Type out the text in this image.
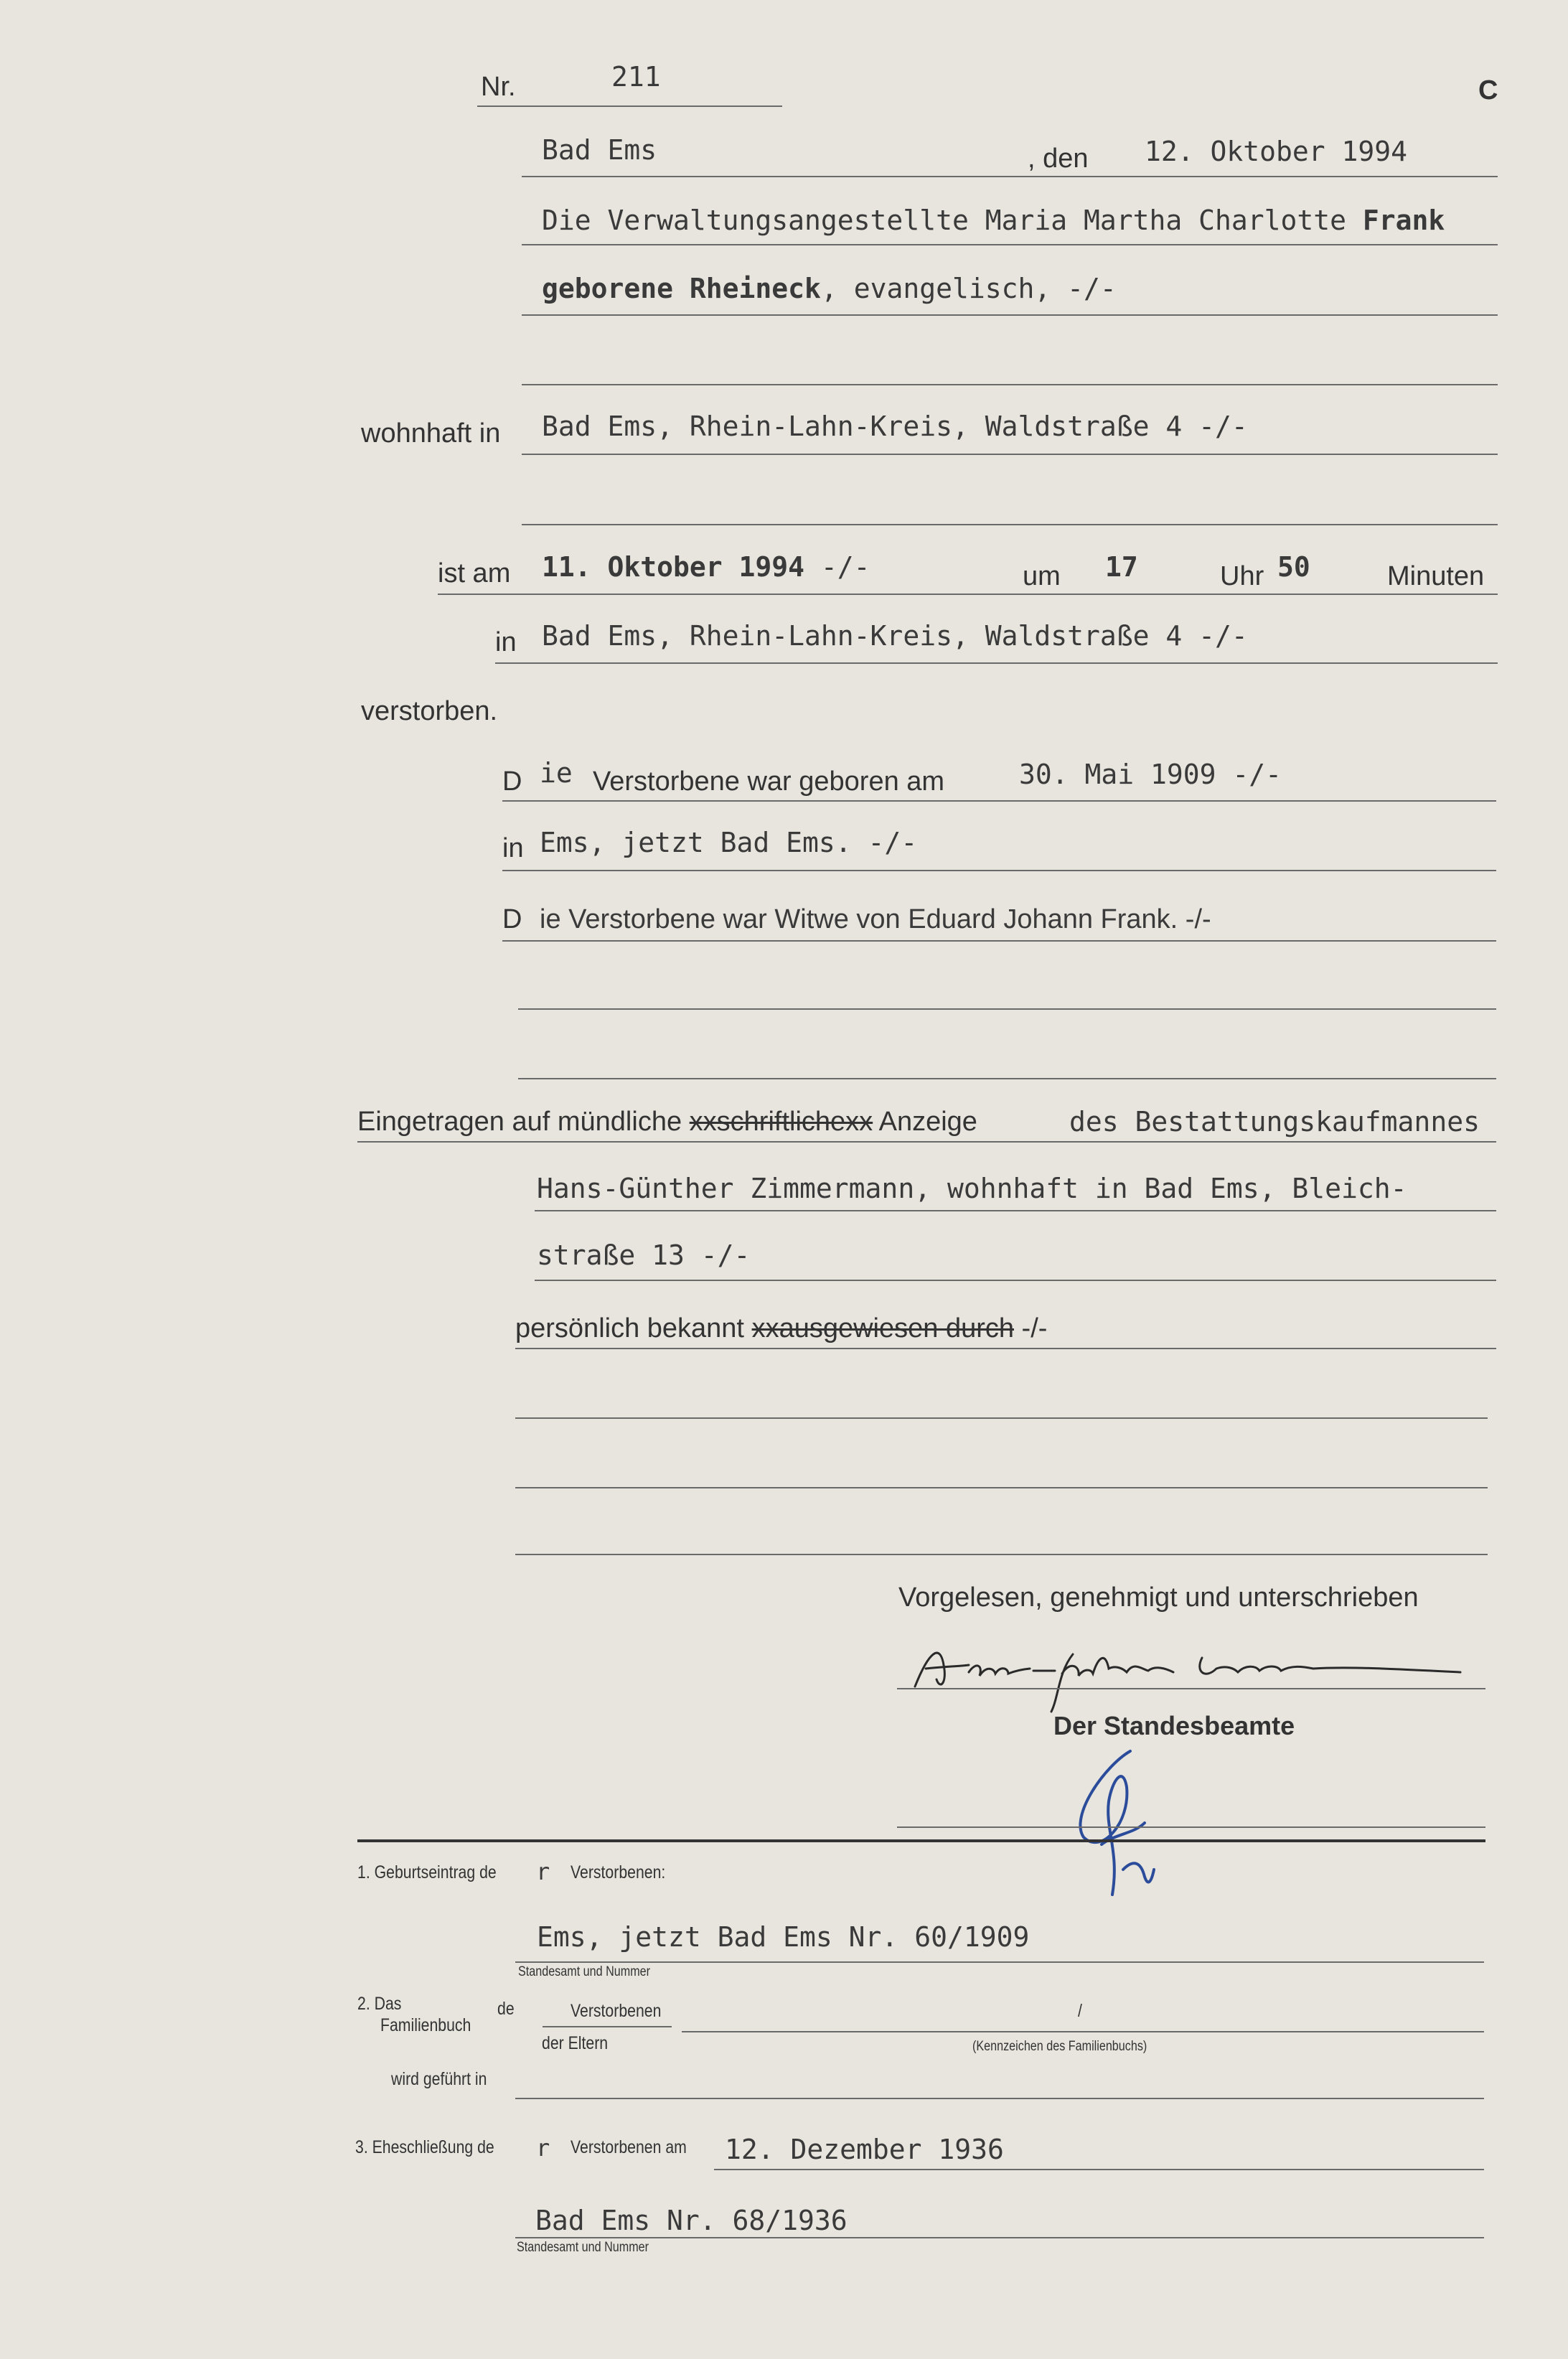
C
Nr.	211
Bad Ems	, den 12. Oktober 1994
Die Verwaltungsangestellte Maria Martha Charlotte Frank
geborene Rheineck, evangelisch, -/-
wohnhaft in Bad Ems, Rhein-Lahn-Kreis, Waldstraße 4 -/-
ist am 11. Oktober 1994 -/-	um 17	Uhr 50	Minuten
in Bad Ems, Rhein-Lahn-Kreis, Waldstraße 4 -/-
verstorben.
D ie Verstorbene war geboren am	30. Mai 1909 -/-
in Ems, jetzt Bad Ems. -/-
D ie Verstorbene war Witwe von Eduard Johann Frank. -/-
Eingetragen auf mündliche xxschriftlichexx Anzeige	des Bestattungskaufmannes
Hans-Günther Zimmermann, wohnhaft in Bad Ems, Bleich-
straße 13 -/-
persönlich bekannt xxausgewiesen durch -/-
Vorgelesen, genehmigt und unterschrieben
Der Standesbeamte
1. Geburtseintrag de r Verstorbenen:
Ems, jetzt Bad Ems Nr. 60/1909
Standesamt und Nummer
2. Das
Familienbuch
de	Verstorbenen	/
der Eltern	(Kennzeichen des Familienbuchs)
wird geführt in
3. Eheschließung de r Verstorbenen am 12. Dezember 1936
Bad Ems Nr. 68/1936
Standesamt und Nummer
